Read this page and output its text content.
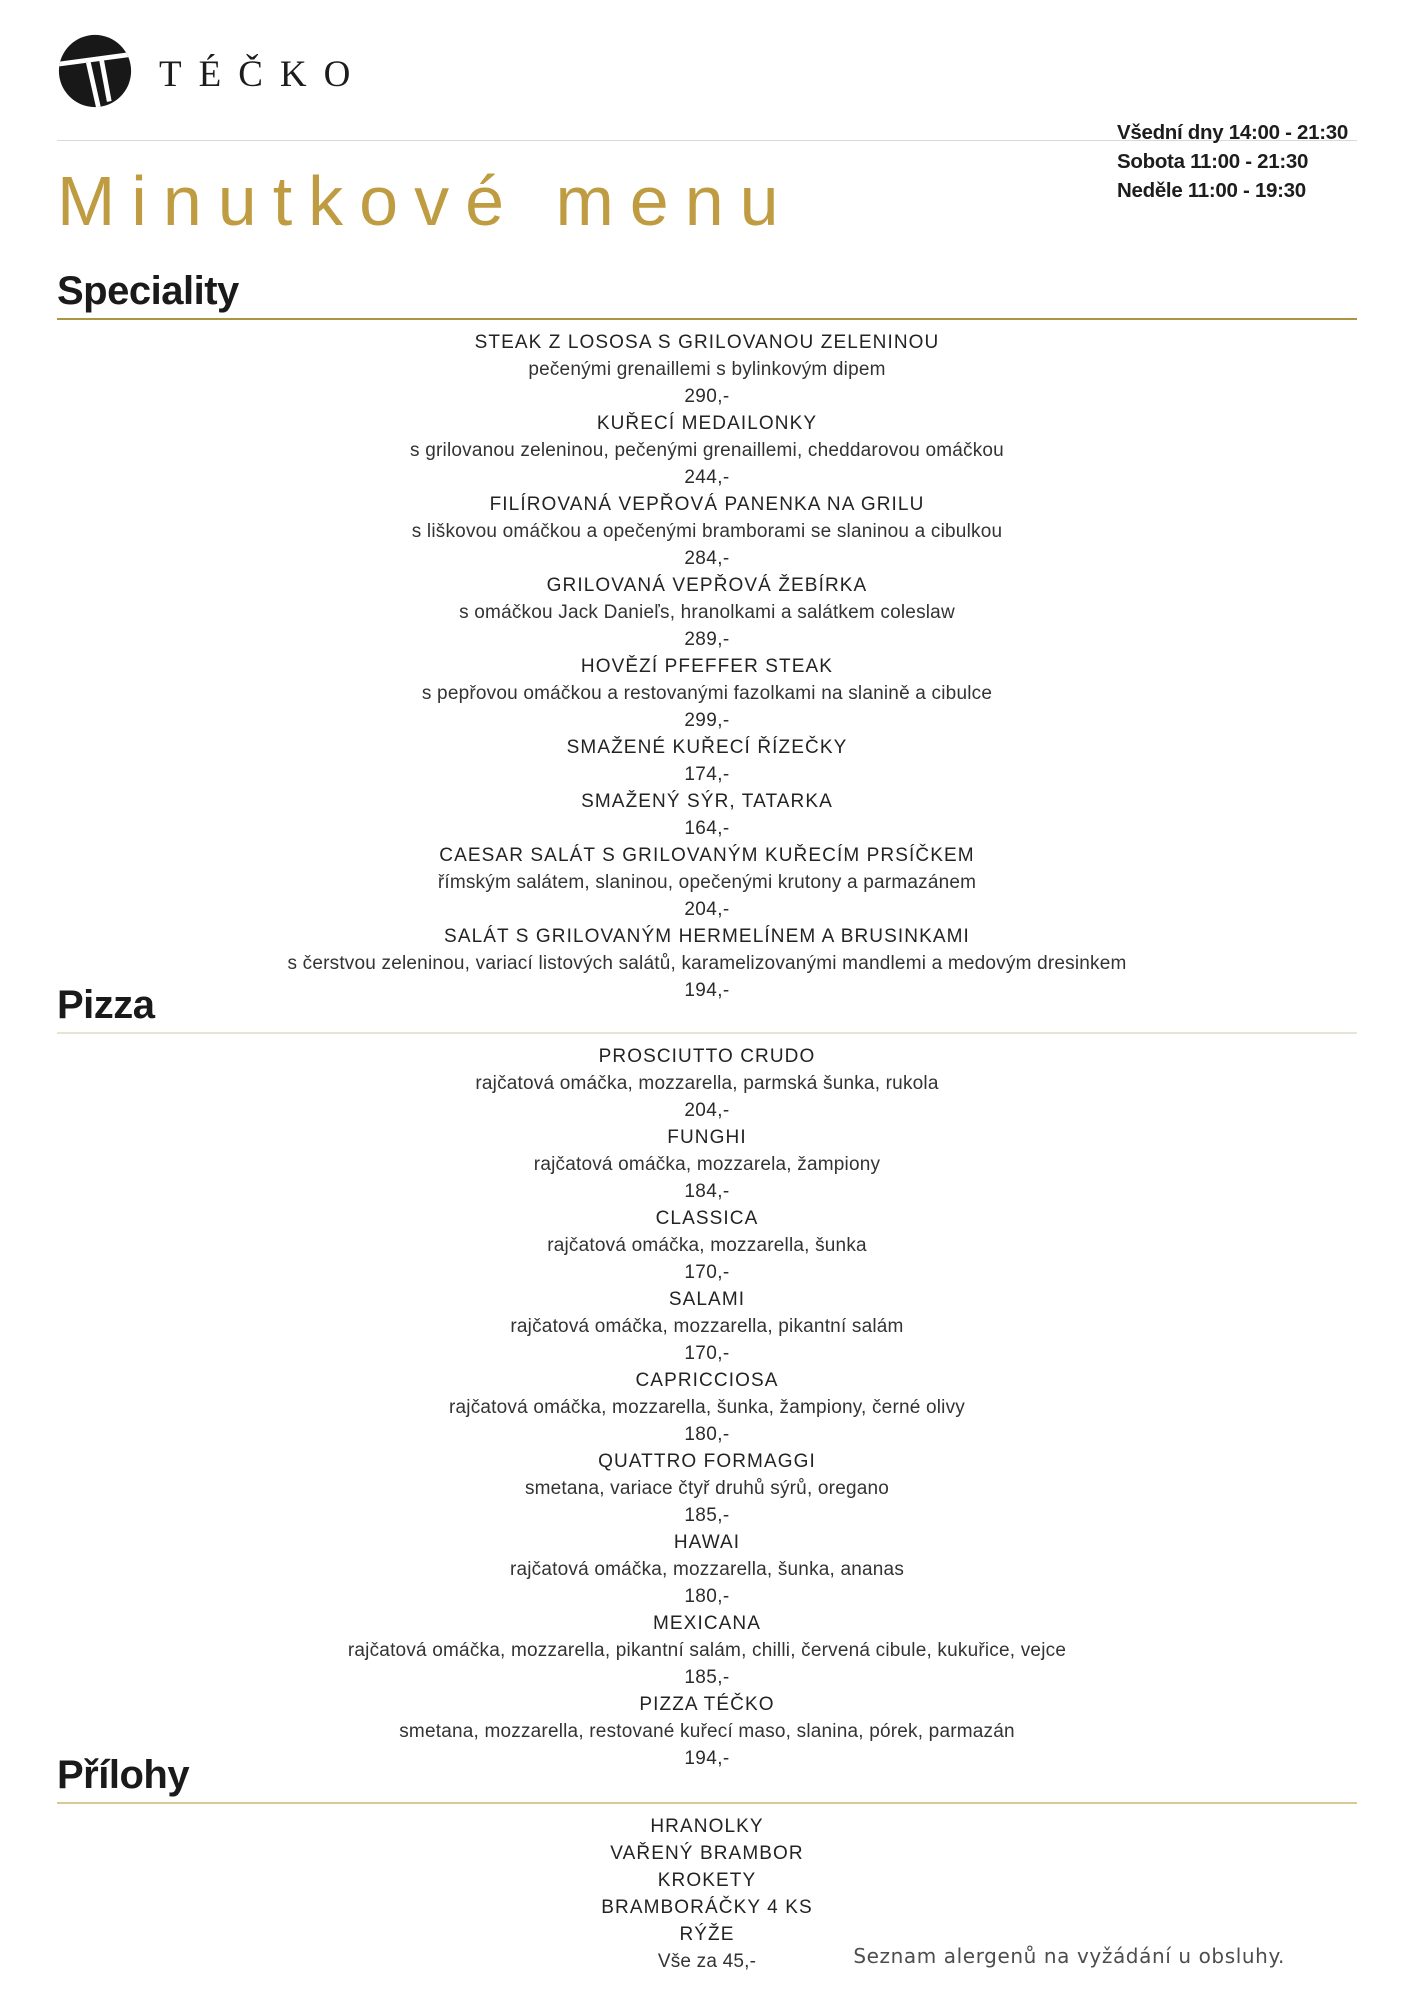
TÉČKO
Minutkové menu
Všední dny 14:00 - 21:30
Sobota 11:00 - 21:30
Neděle 11:00 - 19:30
Speciality
STEAK Z LOSOSA S GRILOVANOU ZELENINOU
pečenými grenaillemi s bylinkovým dipem
290,-
KUŘECÍ MEDAILONKY
s grilovanou zeleninou, pečenými grenaillemi, cheddarovou omáčkou
244,-
FILÍROVANÁ VEPŘOVÁ PANENKA NA GRILU
s liškovou omáčkou a opečenými bramborami se slaninou a cibulkou
284,-
GRILOVANÁ VEPŘOVÁ ŽEBÍRKA
s omáčkou Jack Danieľs, hranolkami a salátkem coleslaw
289,-
HOVĚZÍ PFEFFER STEAK
s pepřovou omáčkou a restovanými fazolkami na slanině a cibulce
299,-
SMAŽENÉ KUŘECÍ ŘÍZEČKY
174,-
SMAŽENÝ SÝR, TATARKA
164,-
CAESAR SALÁT S GRILOVANÝM KUŘECÍM PRSÍČKEM
římským salátem, slaninou, opečenými krutony a parmazánem
204,-
SALÁT S GRILOVANÝM HERMELÍNEM A BRUSINKAMI
s čerstvou zeleninou, variací listových salátů, karamelizovanými mandlemi a medovým dresinkem
194,-
Pizza
PROSCIUTTO CRUDO
rajčatová omáčka, mozzarella, parmská šunka, rukola
204,-
FUNGHI
rajčatová omáčka, mozzarela, žampiony
184,-
CLASSICA
rajčatová omáčka, mozzarella, šunka
170,-
SALAMI
rajčatová omáčka, mozzarella, pikantní salám
170,-
CAPRICCIOSA
rajčatová omáčka, mozzarella, šunka, žampiony, černé olivy
180,-
QUATTRO FORMAGGI
smetana, variace čtyř druhů sýrů, oregano
185,-
HAWAI
rajčatová omáčka, mozzarella, šunka, ananas
180,-
MEXICANA
rajčatová omáčka, mozzarella, pikantní salám, chilli, červená cibule, kukuřice, vejce
185,-
PIZZA TÉČKO
smetana, mozzarella, restované kuřecí maso, slanina, pórek, parmazán
194,-
Přílohy
HRANOLKY
VAŘENÝ BRAMBOR
KROKETY
BRAMBORÁČKY 4 KS
RÝŽE
Vše za 45,-	Seznam alergenů na vyžádání u obsluhy.
